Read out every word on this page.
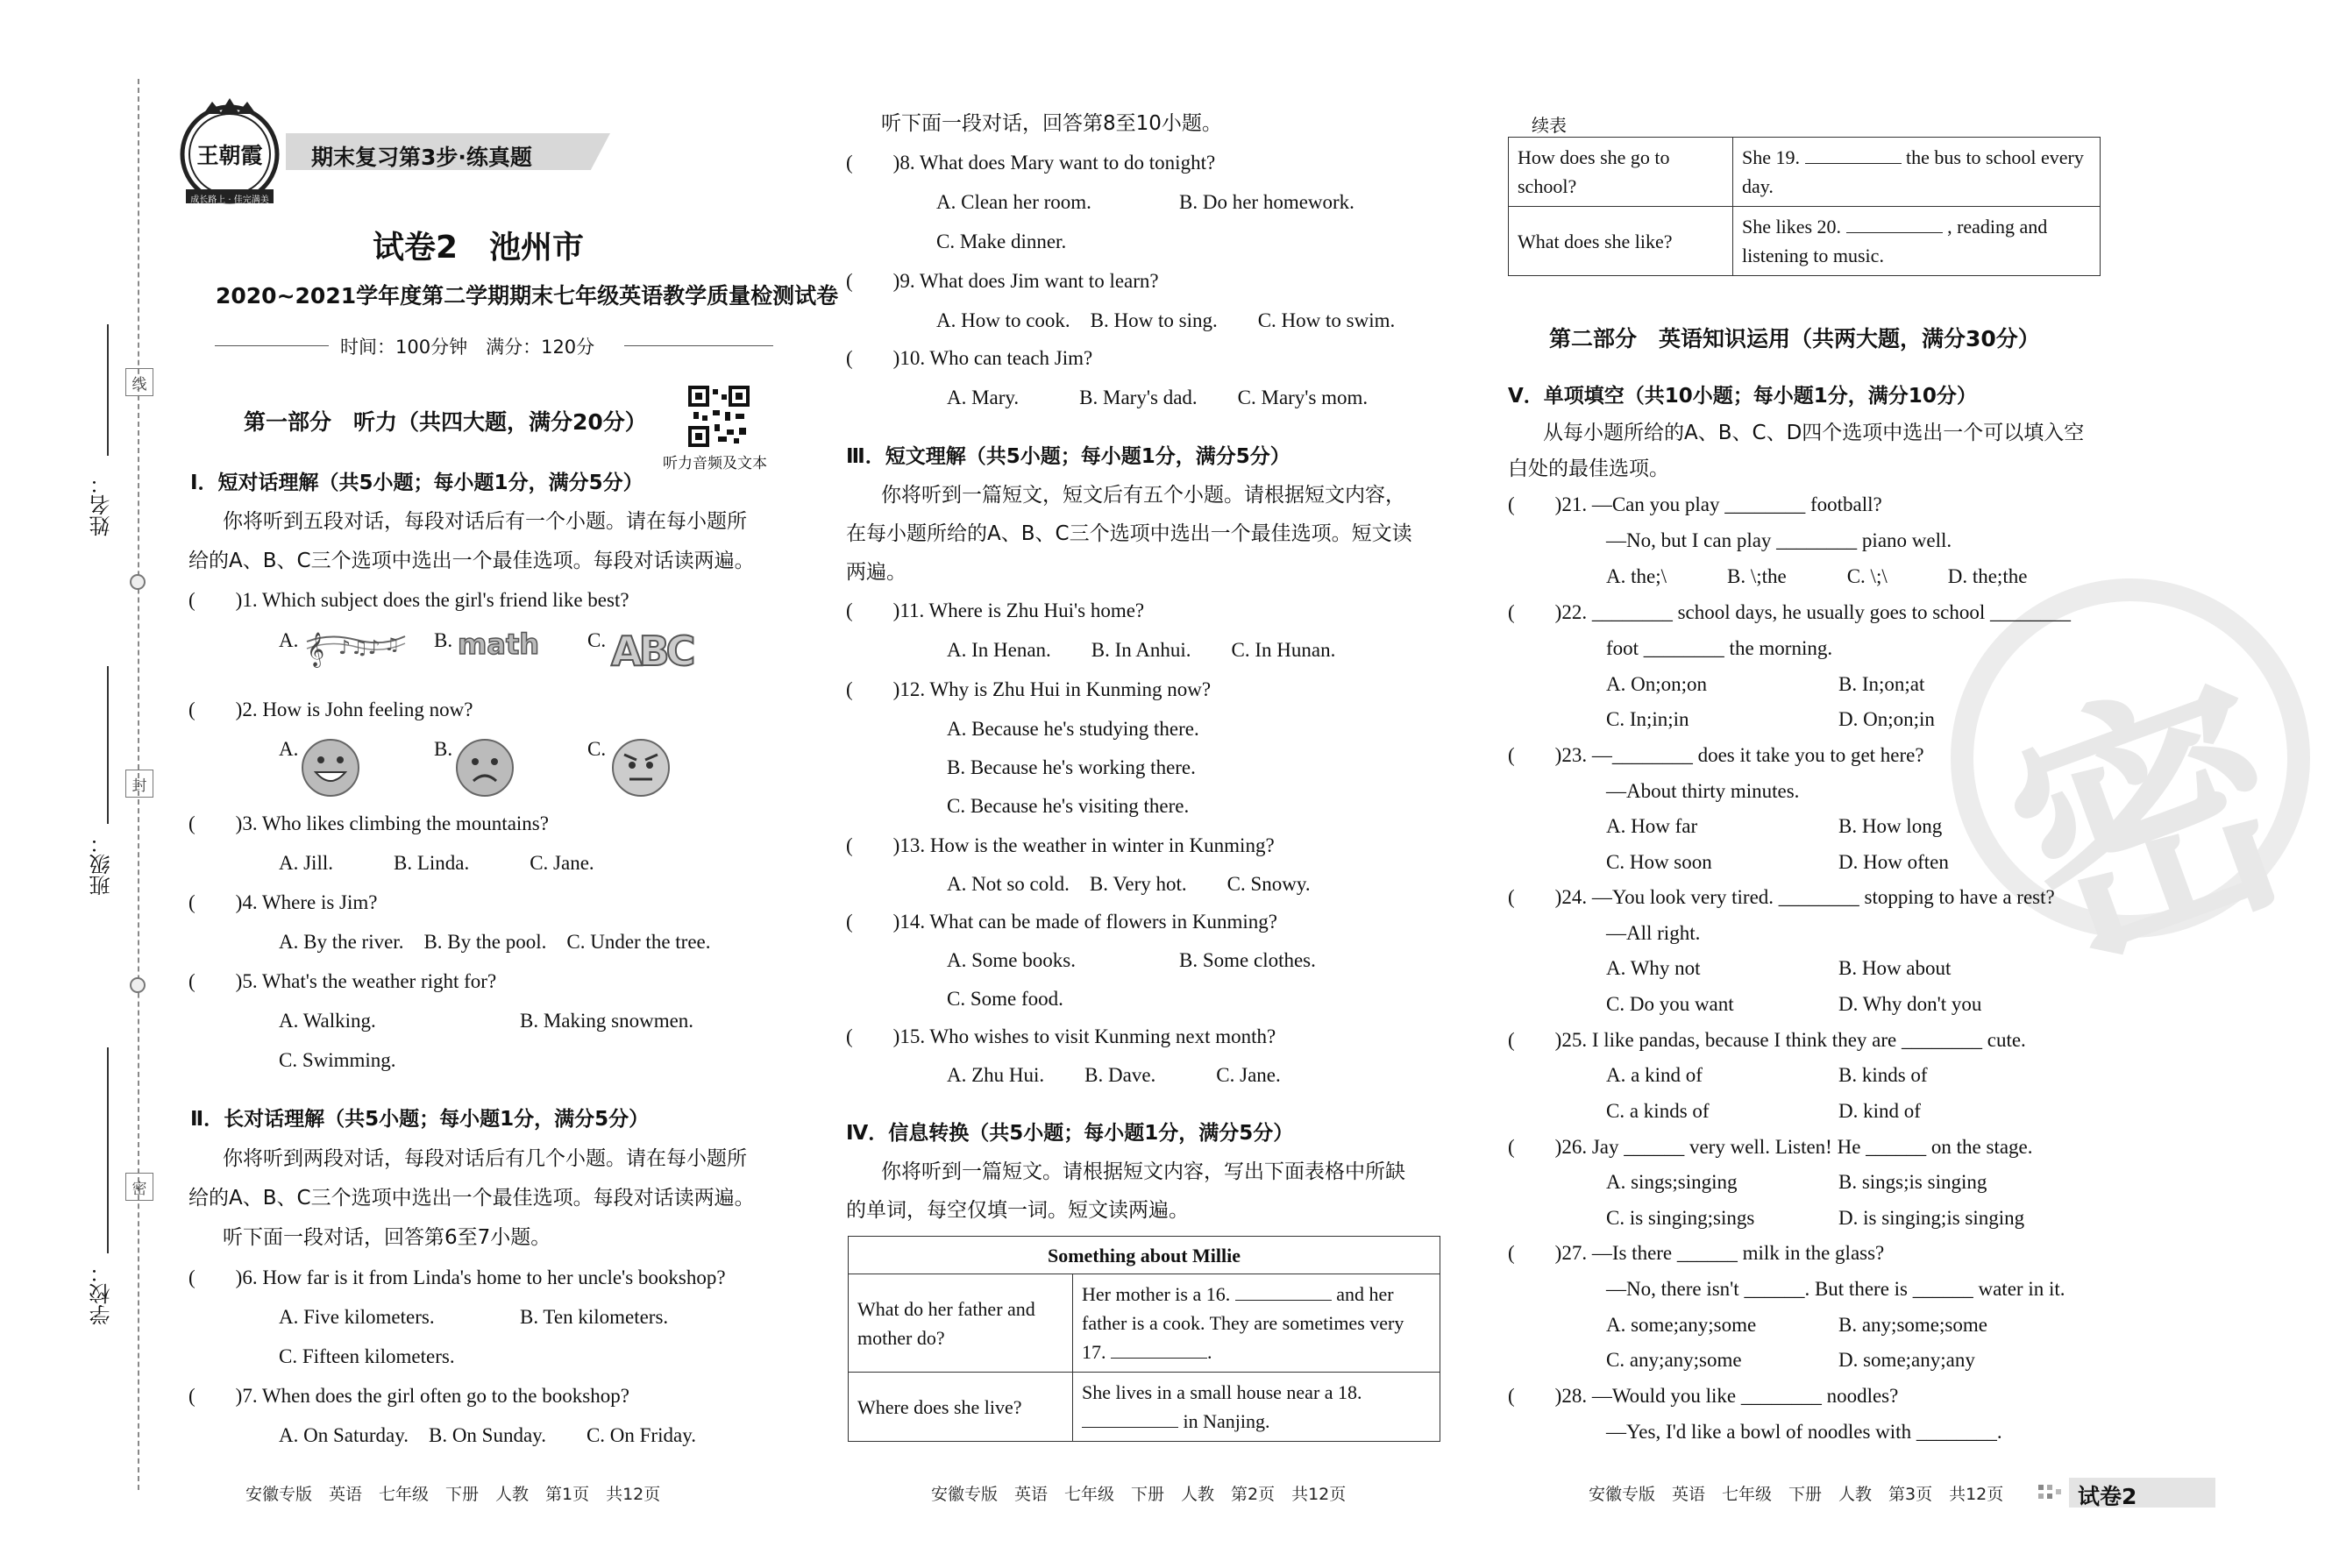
线
封
密
姓名：
班级：
学校：
王朝霞
成长路上 · 佳完满美
期末复习第3步·练真题
试卷2　池州市
2020~2021学年度第二学期期末七年级英语教学质量检测试卷
时间：100分钟　满分：120分
第一部分　听力（共四大题，满分20分）
听力音频及文本
Ⅰ．短对话理解（共5小题；每小题1分，满分5分）
你将听到五段对话，每段对话后有一个小题。请在每小题所
给的A、B、C三个选项中选出一个最佳选项。每段对话读两遍。
(　　)1. Which subject does the girl's friend like best?
A. 𝄞 ♪♫♪ ♫ B. math C. ABC
(　　)2. How is John feeling now?
A.	B.	C.
(　　)3. Who likes climbing the mountains?
A. Jill.　　　B. Linda.　　　C. Jane.
(　　)4. Where is Jim?
A. By the river.　B. By the pool.　C. Under the tree.
(　　)5. What's the weather right for?
A. Walking.	B. Making snowmen.
C. Swimming.
Ⅱ．长对话理解（共5小题；每小题1分，满分5分）
你将听到两段对话，每段对话后有几个小题。请在每小题所
给的A、B、C三个选项中选出一个最佳选项。每段对话读两遍。
听下面一段对话，回答第6至7小题。
(　　)6. How far is it from Linda's home to her uncle's bookshop?
A. Five kilometers.	B. Ten kilometers.
C. Fifteen kilometers.
(　　)7. When does the girl often go to the bookshop?
A. On Saturday.　B. On Sunday.　　C. On Friday.
安徽专版　英语　七年级　下册　人教　第1页　共12页
听下面一段对话，回答第8至10小题。
(　　)8. What does Mary want to do tonight?
A. Clean her room.	B. Do her homework.
C. Make dinner.
(　　)9. What does Jim want to learn?
A. How to cook.　B. How to sing.　　C. How to swim.
(　　)10. Who can teach Jim?
A. Mary.　　　B. Mary's dad.　　C. Mary's mom.
Ⅲ．短文理解（共5小题；每小题1分，满分5分）
你将听到一篇短文，短文后有五个小题。请根据短文内容，
在每小题所给的A、B、C三个选项中选出一个最佳选项。短文读
两遍。
(　　)11. Where is Zhu Hui's home?
A. In Henan.　　B. In Anhui.　　C. In Hunan.
(　　)12. Why is Zhu Hui in Kunming now?
A. Because he's studying there.
B. Because he's working there.
C. Because he's visiting there.
(　　)13. How is the weather in winter in Kunming?
A. Not so cold.　B. Very hot.　　C. Snowy.
(　　)14. What can be made of flowers in Kunming?
A. Some books.	B. Some clothes.
C. Some food.
(　　)15. Who wishes to visit Kunming next month?
A. Zhu Hui.　　B. Dave.　　　C. Jane.
Ⅳ．信息转换（共5小题；每小题1分，满分5分）
你将听到一篇短文。请根据短文内容，写出下面表格中所缺
的单词，每空仅填一词。短文读两遍。
Something about Millie	
What do her father and mother do?	Her mother is a 16. and her father is a cook. They are sometimes very 17. .
Where does she live?	She lives in a small house near a 18.  in Nanjing.
安徽专版　英语　七年级　下册　人教　第2页　共12页
密
续表
How does she go to school?	She 19. the bus to school every day.
What does she like?	She likes 20. , reading and listening to music.
第二部分　英语知识运用（共两大题，满分30分）
Ⅴ．单项填空（共10小题；每小题1分，满分10分）
从每小题所给的A、B、C、D四个选项中选出一个可以填入空
白处的最佳选项。
(　　)21. —Can you play ________ football?
—No, but I can play ________ piano well.
A. the;\　　　B. \;the　　　C. \;\　　　D. the;the
(　　)22. ________ school days, he usually goes to school ________
foot ________ the morning.
A. On;on;on	B. In;on;at
C. In;in;in	D. On;on;in
(　　)23. —________ does it take you to get here?
—About thirty minutes.
A. How far	B. How long
C. How soon	D. How often
(　　)24. —You look very tired. ________ stopping to have a rest?
—All right.
A. Why not	B. How about
C. Do you want	D. Why don't you
(　　)25. I like pandas, because I think they are ________ cute.
A. a kind of	B. kinds of
C. a kinds of	D. kind of
(　　)26. Jay ______ very well. Listen! He ______ on the stage.
A. sings;singing	B. sings;is singing
C. is singing;sings	D. is singing;is singing
(　　)27. —Is there ______ milk in the glass?
—No, there isn't ______. But there is ______ water in it.
A. some;any;some	B. any;some;some
C. any;any;some	D. some;any;any
(　　)28. —Would you like ________ noodles?
—Yes, I'd like a bowl of noodles with ________.
安徽专版　英语　七年级　下册　人教　第3页　共12页	试卷2
